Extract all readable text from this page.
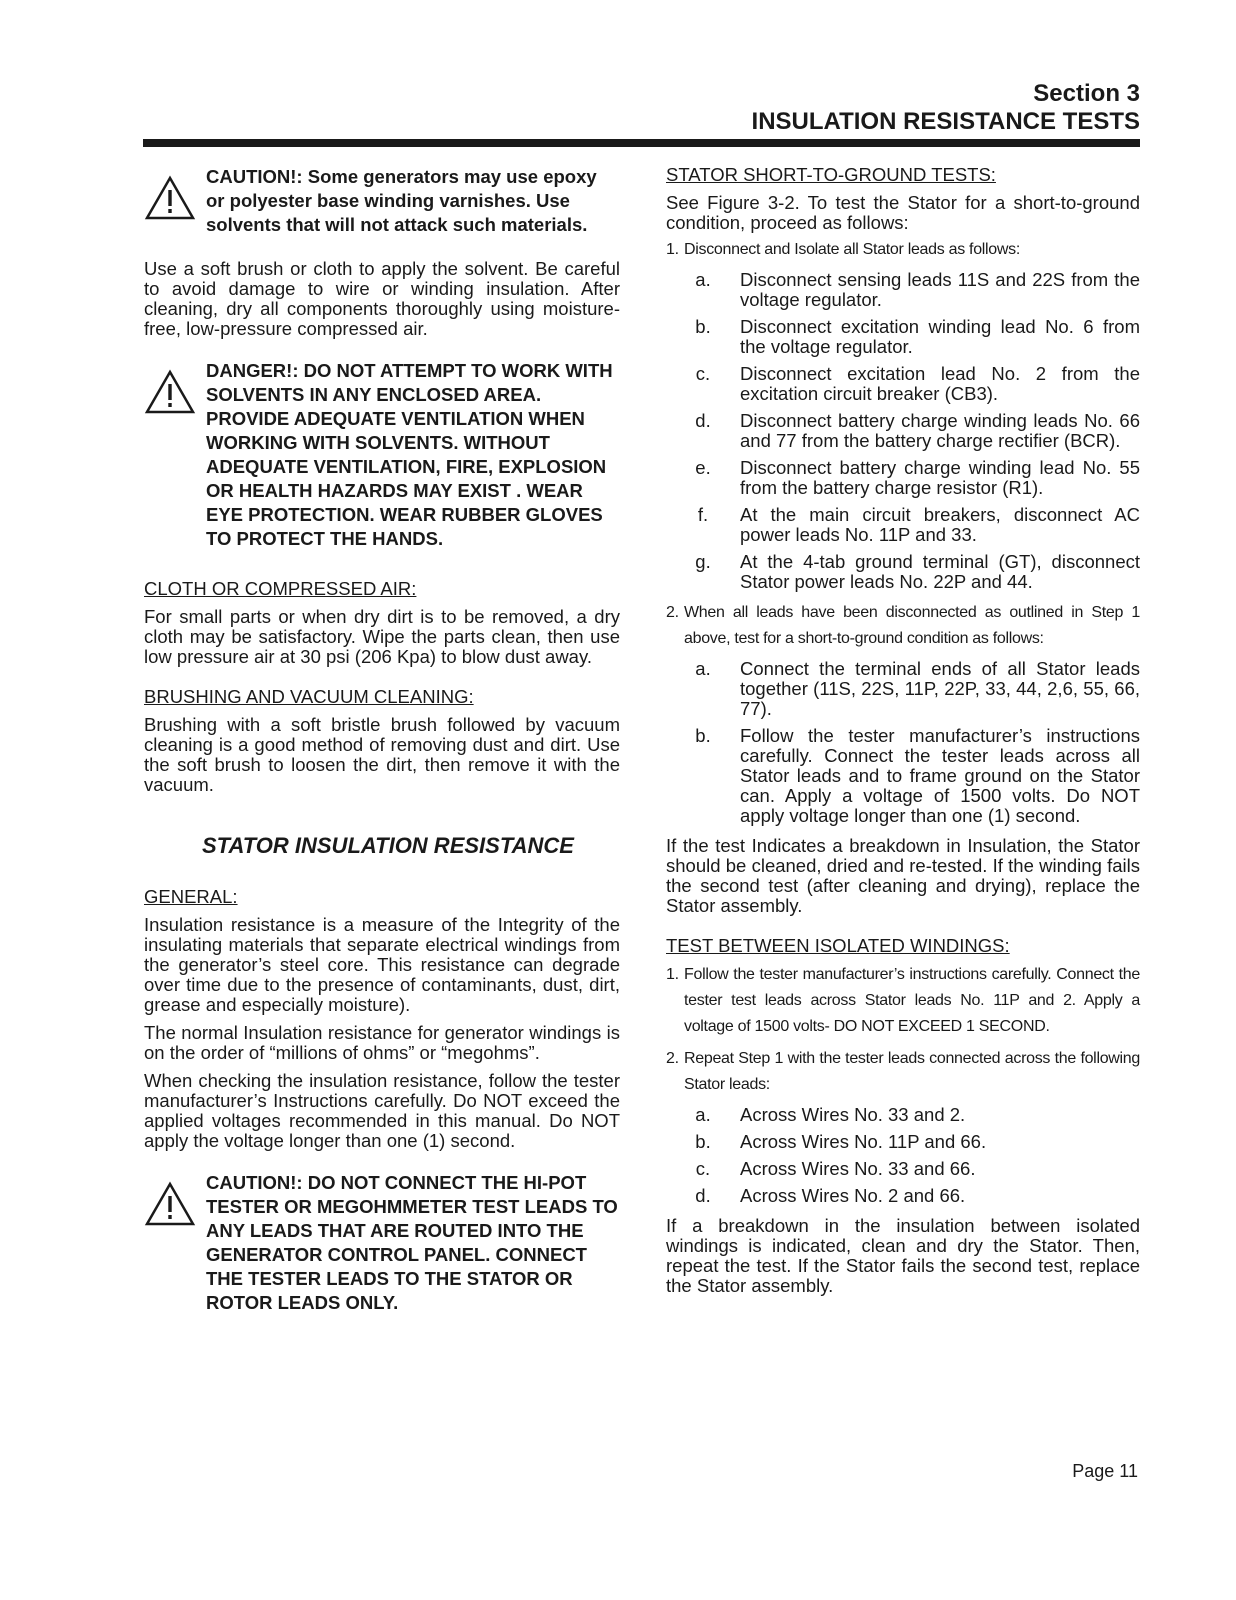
Section 3
INSULATION RESISTANCE TESTS

CAUTION!: Some generators may use epoxy or polyester base winding varnishes. Use solvents that will not attack such materials.

Use a soft brush or cloth to apply the solvent. Be careful to avoid damage to wire or winding insulation. After cleaning, dry all components thoroughly using moisture-free, low-pressure compressed air.

DANGER!: DO NOT ATTEMPT TO WORK WITH SOLVENTS IN ANY ENCLOSED AREA. PROVIDE ADEQUATE VENTILATION WHEN WORKING WITH SOLVENTS. WITHOUT ADEQUATE VENTILATION, FIRE, EXPLOSION OR HEALTH HAZARDS MAY EXIST . WEAR EYE PROTECTION. WEAR RUBBER GLOVES TO PROTECT THE HANDS.

CLOTH OR COMPRESSED AIR:

For small parts or when dry dirt is to be removed, a dry cloth may be satisfactory. Wipe the parts clean, then use low pressure air at 30 psi (206 Kpa) to blow dust away.

BRUSHING AND VACUUM CLEANING:

Brushing with a soft bristle brush followed by vacuum cleaning is a good method of removing dust and dirt. Use the soft brush to loosen the dirt, then remove it with the vacuum.

STATOR INSULATION RESISTANCE

GENERAL:

Insulation resistance is a measure of the Integrity of the insulating materials that separate electrical windings from the generator’s steel core. This resistance can degrade over time due to the presence of contaminants, dust, dirt, grease and especially moisture).

The normal Insulation resistance for generator windings is on the order of “millions of ohms” or “megohms”.

When checking the insulation resistance, follow the tester manufacturer’s Instructions carefully. Do NOT exceed the applied voltages recommended in this manual. Do NOT apply the voltage longer than one (1) second.

CAUTION!: DO NOT CONNECT THE HI-POT TESTER OR MEGOHMMETER TEST LEADS TO ANY LEADS THAT ARE ROUTED INTO THE GENERATOR CONTROL PANEL. CONNECT THE TESTER LEADS TO THE STATOR OR ROTOR LEADS ONLY.

STATOR SHORT-TO-GROUND TESTS:

See Figure 3-2. To test the Stator for a short-to-ground condition, proceed as follows:

1. Disconnect and Isolate all Stator leads as follows:

a.	Disconnect sensing leads 11S and 22S from the voltage regulator.
b.	Disconnect excitation winding lead No. 6 from the voltage regulator.
c.	Disconnect excitation lead No. 2 from the excitation circuit breaker (CB3).
d.	Disconnect battery charge winding leads No. 66 and 77 from the battery charge rectifier (BCR).
e.	Disconnect battery charge winding lead No. 55 from the battery charge resistor (R1).
f.	At the main circuit breakers, disconnect AC power leads No. 11P and 33.
g.	At the 4-tab ground terminal (GT), disconnect Stator power leads No. 22P and 44.
2. When all leads have been disconnected as outlined in Step 1 above, test for a short-to-ground condition as follows:
a.	Connect the terminal ends of all Stator leads together (11S, 22S, 11P, 22P, 33, 44, 2,6, 55, 66, 77).
b.	Follow the tester manufacturer’s instructions carefully. Connect the tester leads across all Stator leads and to frame ground on the Stator can. Apply a voltage of 1500 volts. Do NOT apply voltage longer than one (1) second.

If the test Indicates a breakdown in Insulation, the Stator should be cleaned, dried and re-tested. If the winding fails the second test (after cleaning and drying), replace the Stator assembly.

TEST BETWEEN ISOLATED WINDINGS:

1. Follow the tester manufacturer’s instructions carefully. Connect the tester test leads across Stator leads No. 11P and 2. Apply a voltage of 1500 volts- DO NOT EXCEED 1 SECOND.
2. Repeat Step 1 with the tester leads connected across the following Stator leads:
a.	Across Wires No. 33 and 2.
b.	Across Wires No. 11P and 66.
c.	Across Wires No. 33 and 66.
d.	Across Wires No. 2 and 66.

If a breakdown in the insulation between isolated windings is indicated, clean and dry the Stator. Then, repeat the test. If the Stator fails the second test, replace the Stator assembly.

Page 11
